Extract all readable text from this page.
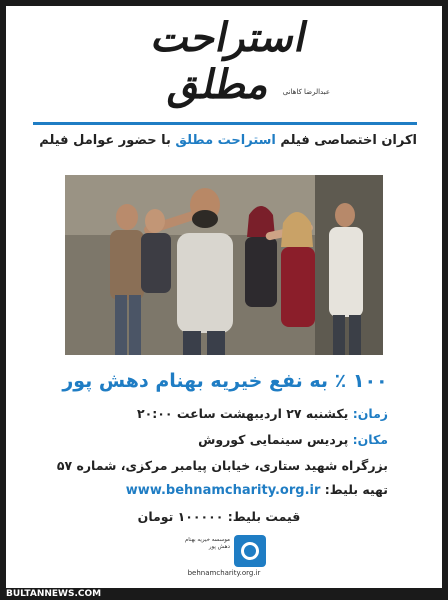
استراحت مطلق	عبدالرضا کاهانی
اکران اختصاصی فیلم استراحت مطلق با حضور عوامل فیلم
۱۰۰ ٪ به نفع خیریه بهنام دهش پور
زمان: یکشنبه ۲۷ اردیبهشت ساعت ۲۰:۰۰
مکان: پردیس سینمایی کوروش
بزرگراه شهید ستاری، خیابان پیامبر مرکزی، شماره ۵۷
تهیه بلیط: www.behnamcharity.org.ir
قیمت بلیط: ۱۰۰۰۰۰ تومان
موسسه خیریه بهنام دهش پور
behnamcharity.org.ir
BULTANNEWS.COM
